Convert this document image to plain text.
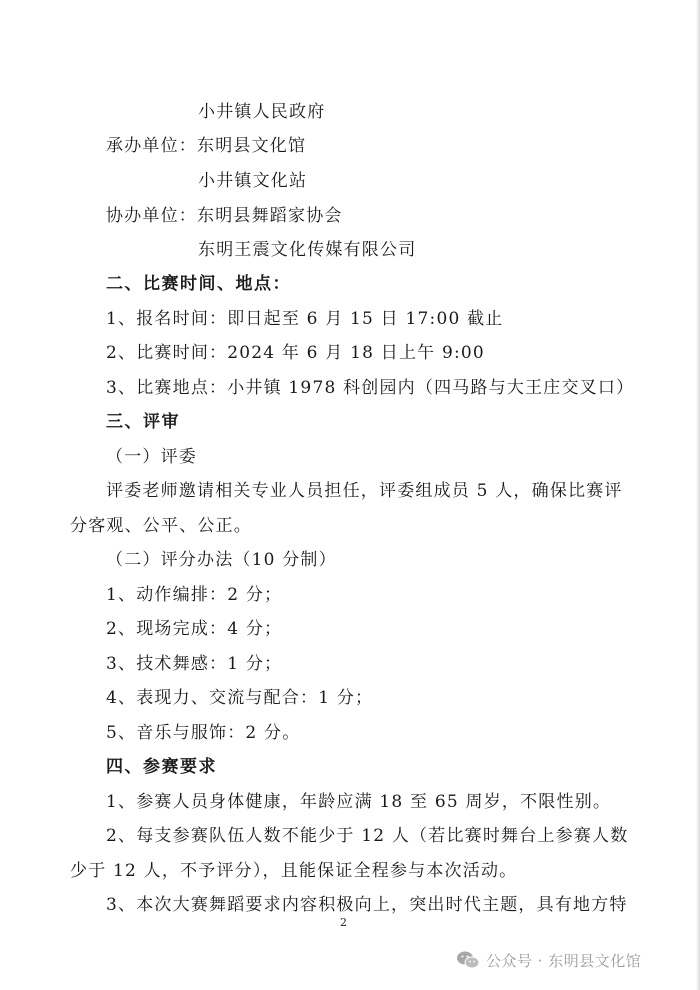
小井镇人民政府
承办单位：东明县文化馆
小井镇文化站
协办单位：东明县舞蹈家协会
东明王震文化传媒有限公司
二、比赛时间、地点：
1、报名时间：即日起至 6 月 15 日 17:00 截止
2、比赛时间：2024 年 6 月 18 日上午 9:00
3、比赛地点：小井镇 1978 科创园内（四马路与大王庄交叉口）
三、评审
（一）评委
评委老师邀请相关专业人员担任，评委组成员 5 人，确保比赛评
分客观、公平、公正。
（二）评分办法（10 分制）
1、动作编排：2 分；
2、现场完成：4 分；
3、技术舞感：1 分；
4、表现力、交流与配合：1 分；
5、音乐与服饰：2 分。
四、参赛要求
1、参赛人员身体健康，年龄应满 18 至 65 周岁，不限性别。
2、每支参赛队伍人数不能少于 12 人（若比赛时舞台上参赛人数
少于 12 人，不予评分），且能保证全程参与本次活动。
3、本次大赛舞蹈要求内容积极向上，突出时代主题，具有地方特
2
公众号 · 东明县文化馆
